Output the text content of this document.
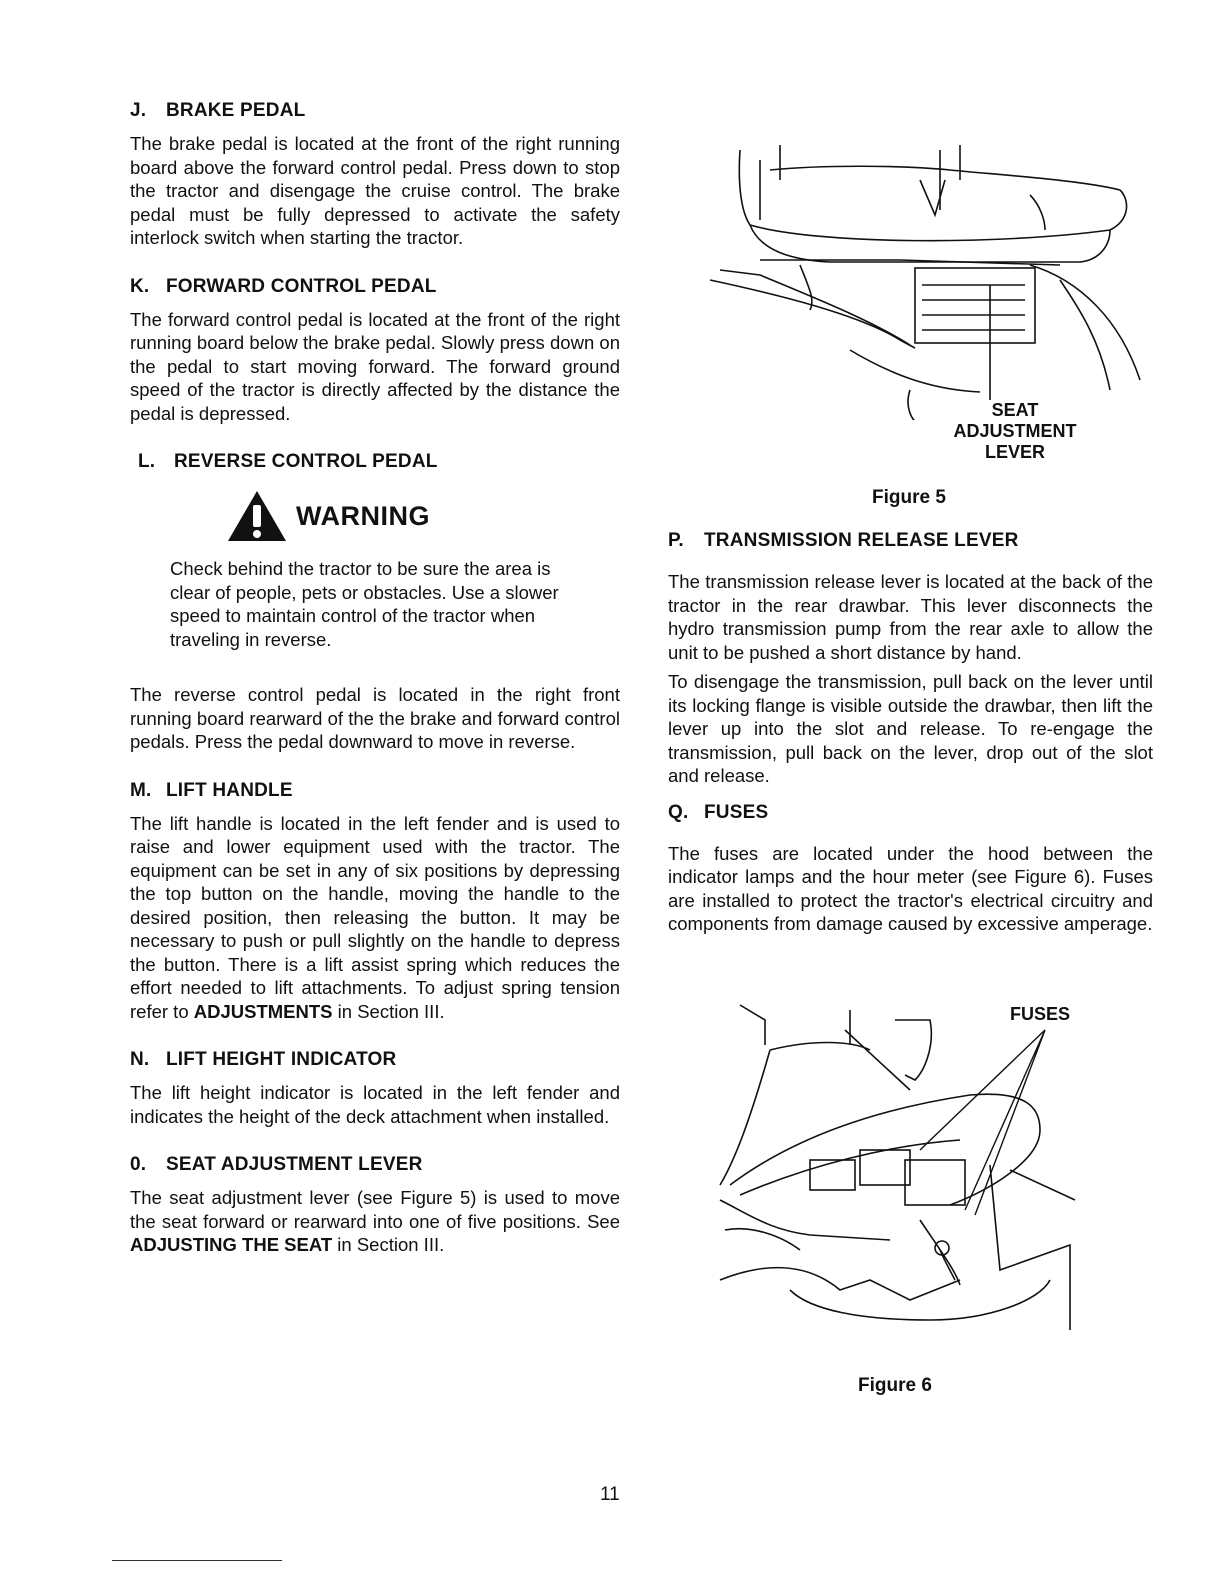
J. BRAKE PEDAL

The brake pedal is located at the front of the right running board above the forward control pedal. Press down to stop the tractor and disengage the cruise control. The brake pedal must be fully depressed to activate the safety interlock switch when starting the tractor.

K. FORWARD CONTROL PEDAL

The forward control pedal is located at the front of the right running board below the brake pedal. Slowly press down on the pedal to start moving forward. The forward ground speed of the tractor is directly affected by the distance the pedal is depressed.

L. REVERSE CONTROL PEDAL
WARNING

Check behind the tractor to be sure the area is clear of people, pets or obstacles. Use a slower speed to maintain control of the tractor when traveling in reverse.

The reverse control pedal is located in the right front running board rearward of the the brake and forward control pedals. Press the pedal downward to move in reverse.

M. LIFT HANDLE

The lift handle is located in the left fender and is used to raise and lower equipment used with the tractor. The equipment can be set in any of six positions by depressing the top button on the handle, moving the handle to the desired position, then releasing the button. It may be necessary to push or pull slightly on the handle to depress the button. There is a lift assist spring which reduces the effort needed to lift attachments. To adjust spring tension refer to ADJUSTMENTS in Section III.

N. LIFT HEIGHT INDICATOR

The lift height indicator is located in the left fender and indicates the height of the deck attachment when installed.

0. SEAT ADJUSTMENT LEVER

The seat adjustment lever (see Figure 5) is used to move the seat forward or rearward into one of five positions. See ADJUSTING THE SEAT in Section III.

SEAT
ADJUSTMENT
LEVER
Figure 5
P. TRANSMISSION RELEASE LEVER

The transmission release lever is located at the back of the tractor in the rear drawbar. This lever disconnects the hydro transmission pump from the rear axle to allow the unit to be pushed a short distance by hand.

To disengage the transmission, pull back on the lever until its locking flange is visible outside the drawbar, then lift the lever up into the slot and release. To re-engage the transmission, pull back on the lever, drop out of the slot and release.

Q. FUSES

The fuses are located under the hood between the indicator lamps and the hour meter (see Figure 6). Fuses are installed to protect the tractor's electrical circuitry and components from damage caused by excessive amperage.

FUSES
Figure 6
11
